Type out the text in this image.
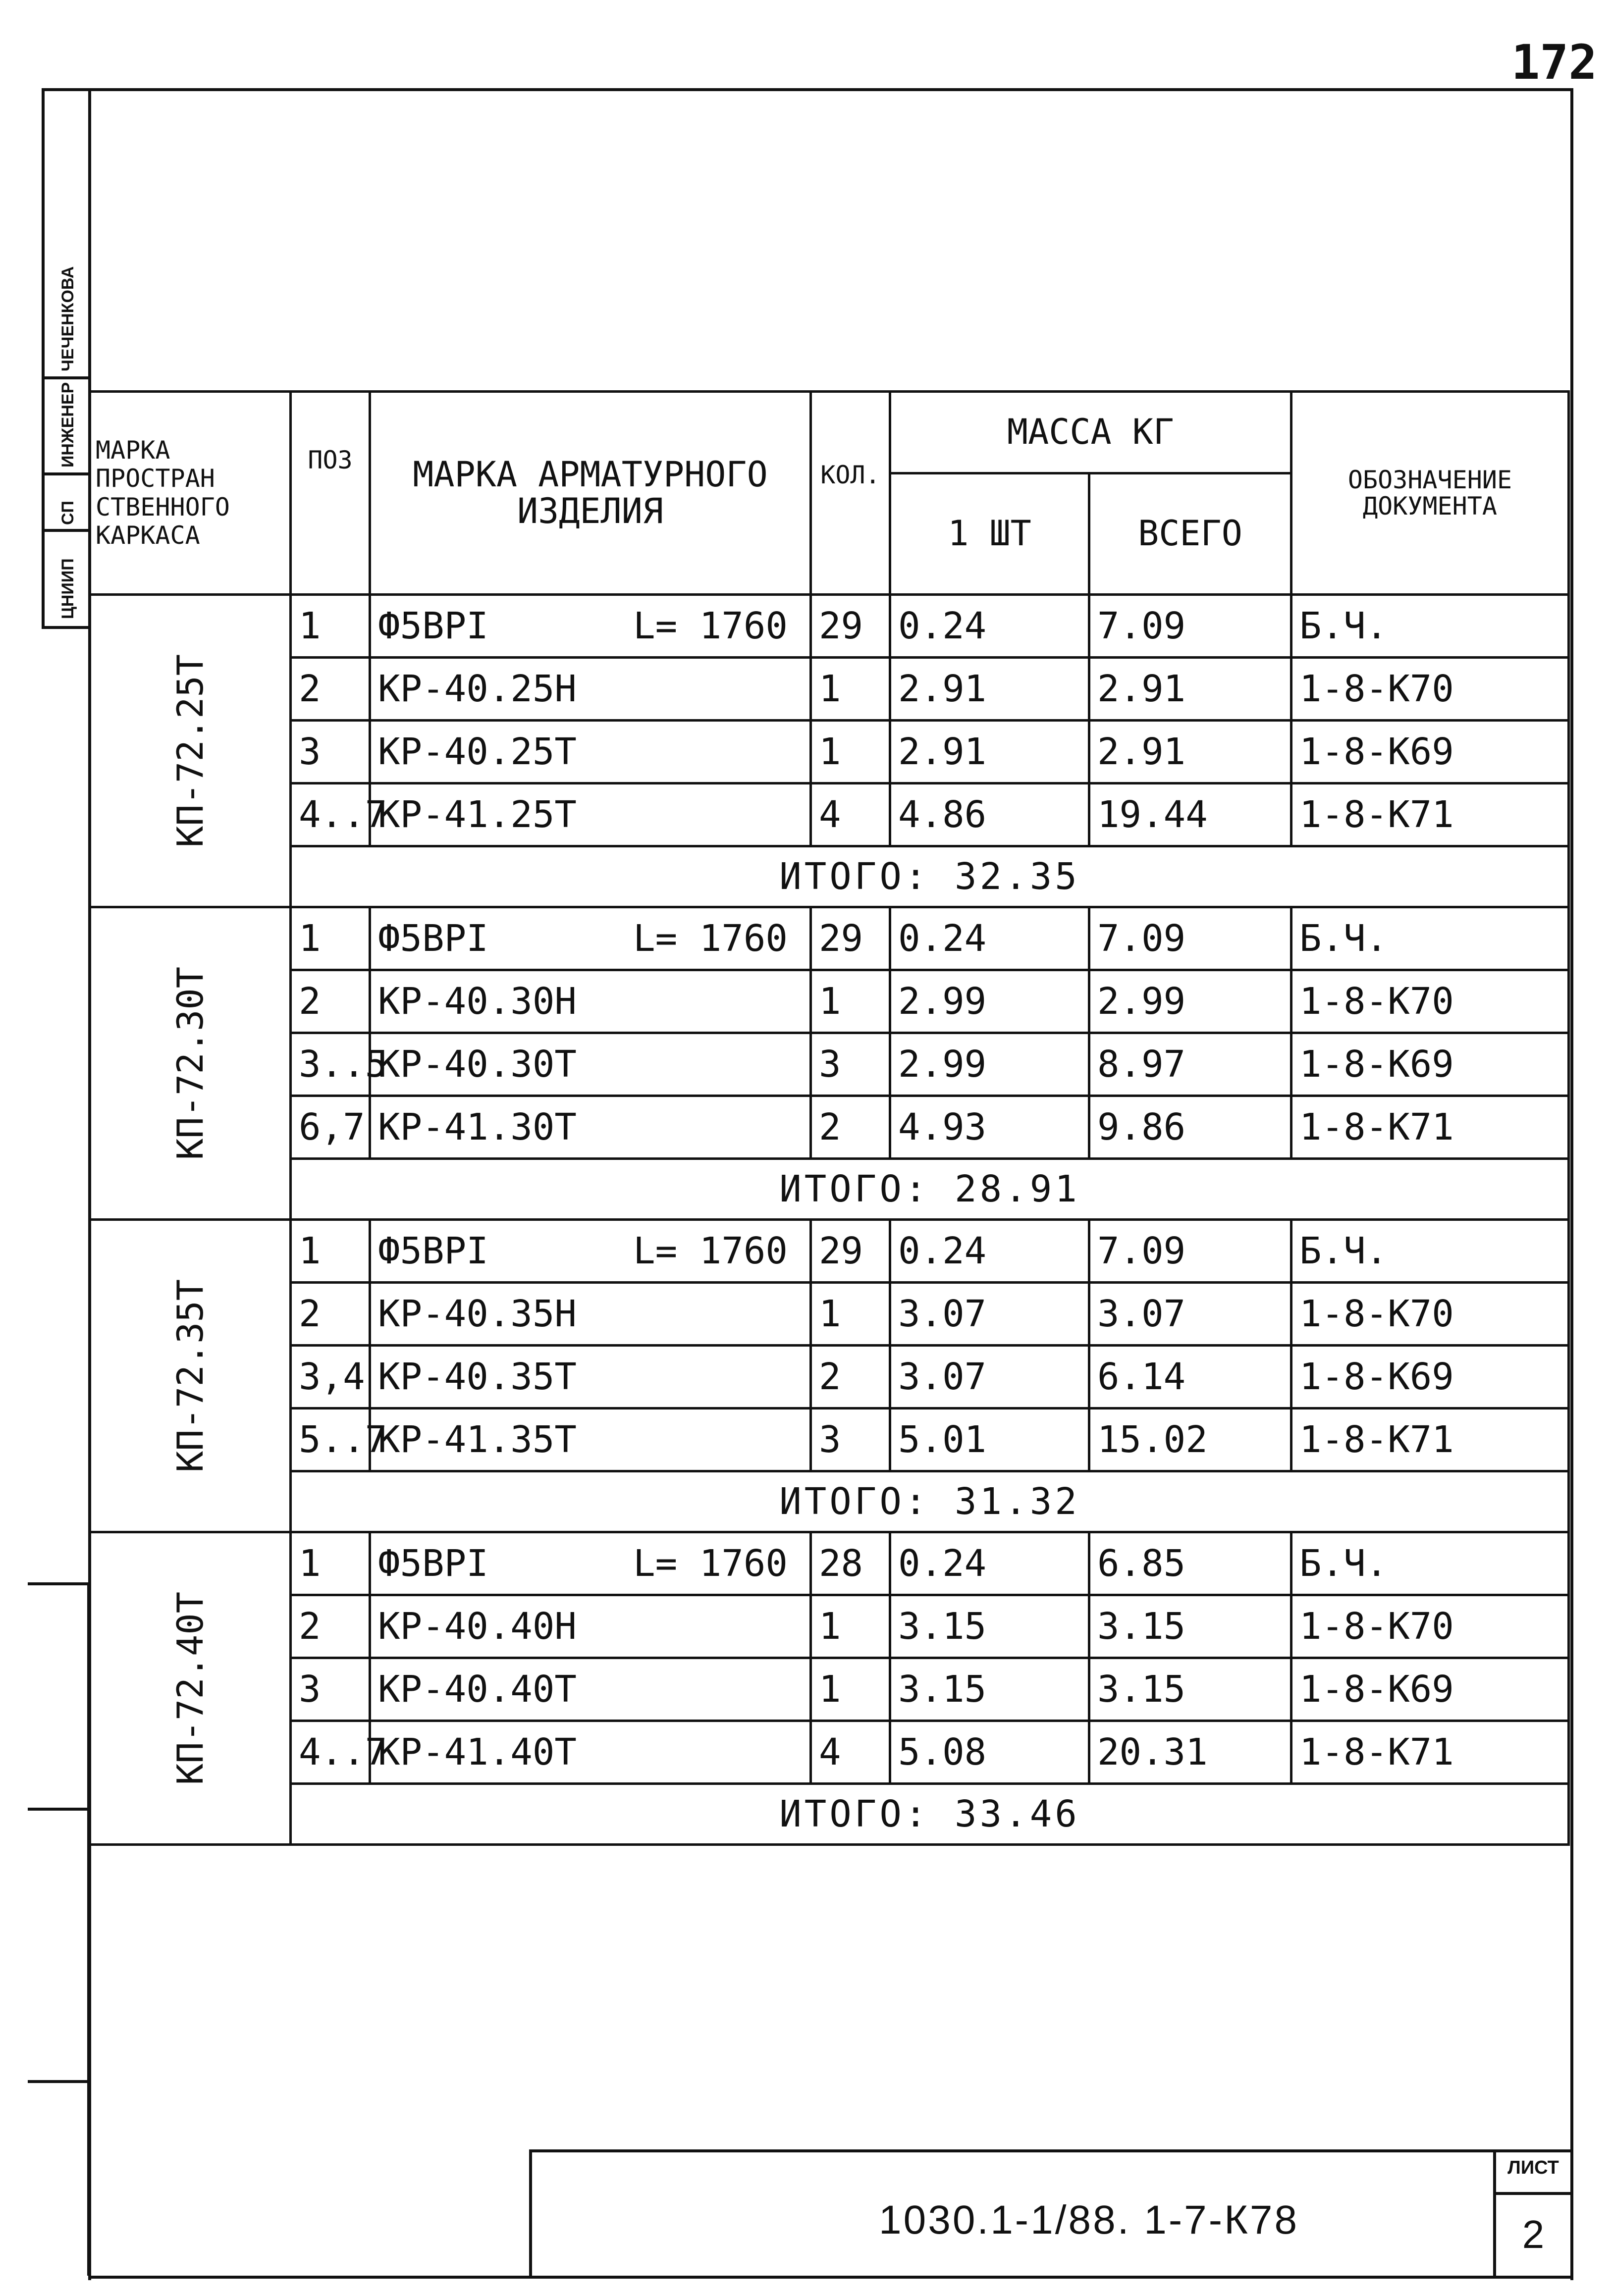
172
ЦНИИП
СП
ИНЖЕНЕР
ЧЕЧЕНКОВА
МАРКА ПРОСТРАН СТВЕННОГО КАРКАСА	ПОЗ	МАРКА АРМАТУРНОГО ИЗДЕЛИЯ	КОЛ.	МАССА КГ		ОБОЗНАЧЕНИЕ ДОКУМЕНТА
				1 ШТ	ВСЕГО	

КП-72.25Т	1	Ф5ВРI L= 1760	29	0.24	7.09	Б.Ч.
	2	КР-40.25Н	1	2.91	2.91	1-8-К70
	3	КР-40.25Т	1	2.91	2.91	1-8-К69
	4..7	КР-41.25Т	4	4.86	19.44	1-8-К71
	ИТОГО: 32.35					

КП-72.30Т	1	Ф5ВРI L= 1760	29	0.24	7.09	Б.Ч.
	2	КР-40.30Н	1	2.99	2.99	1-8-К70
	3..5	КР-40.30Т	3	2.99	8.97	1-8-К69
	6,7	КР-41.30Т	2	4.93	9.86	1-8-К71
	ИТОГО: 28.91					

КП-72.35Т	1	Ф5ВРI L= 1760	29	0.24	7.09	Б.Ч.
	2	КР-40.35Н	1	3.07	3.07	1-8-К70
	3,4	КР-40.35Т	2	3.07	6.14	1-8-К69
	5..7	КР-41.35Т	3	5.01	15.02	1-8-К71
	ИТОГО: 31.32					

КП-72.40Т	1	Ф5ВРI L= 1760	28	0.24	6.85	Б.Ч.
	2	КР-40.40Н	1	3.15	3.15	1-8-К70
	3	КР-40.40Т	1	3.15	3.15	1-8-К69
	4..7	КР-41.40Т	4	5.08	20.31	1-8-К71
	ИТОГО: 33.46					
1030.1-1/88. 1-7-К78
ЛИСТ
2
